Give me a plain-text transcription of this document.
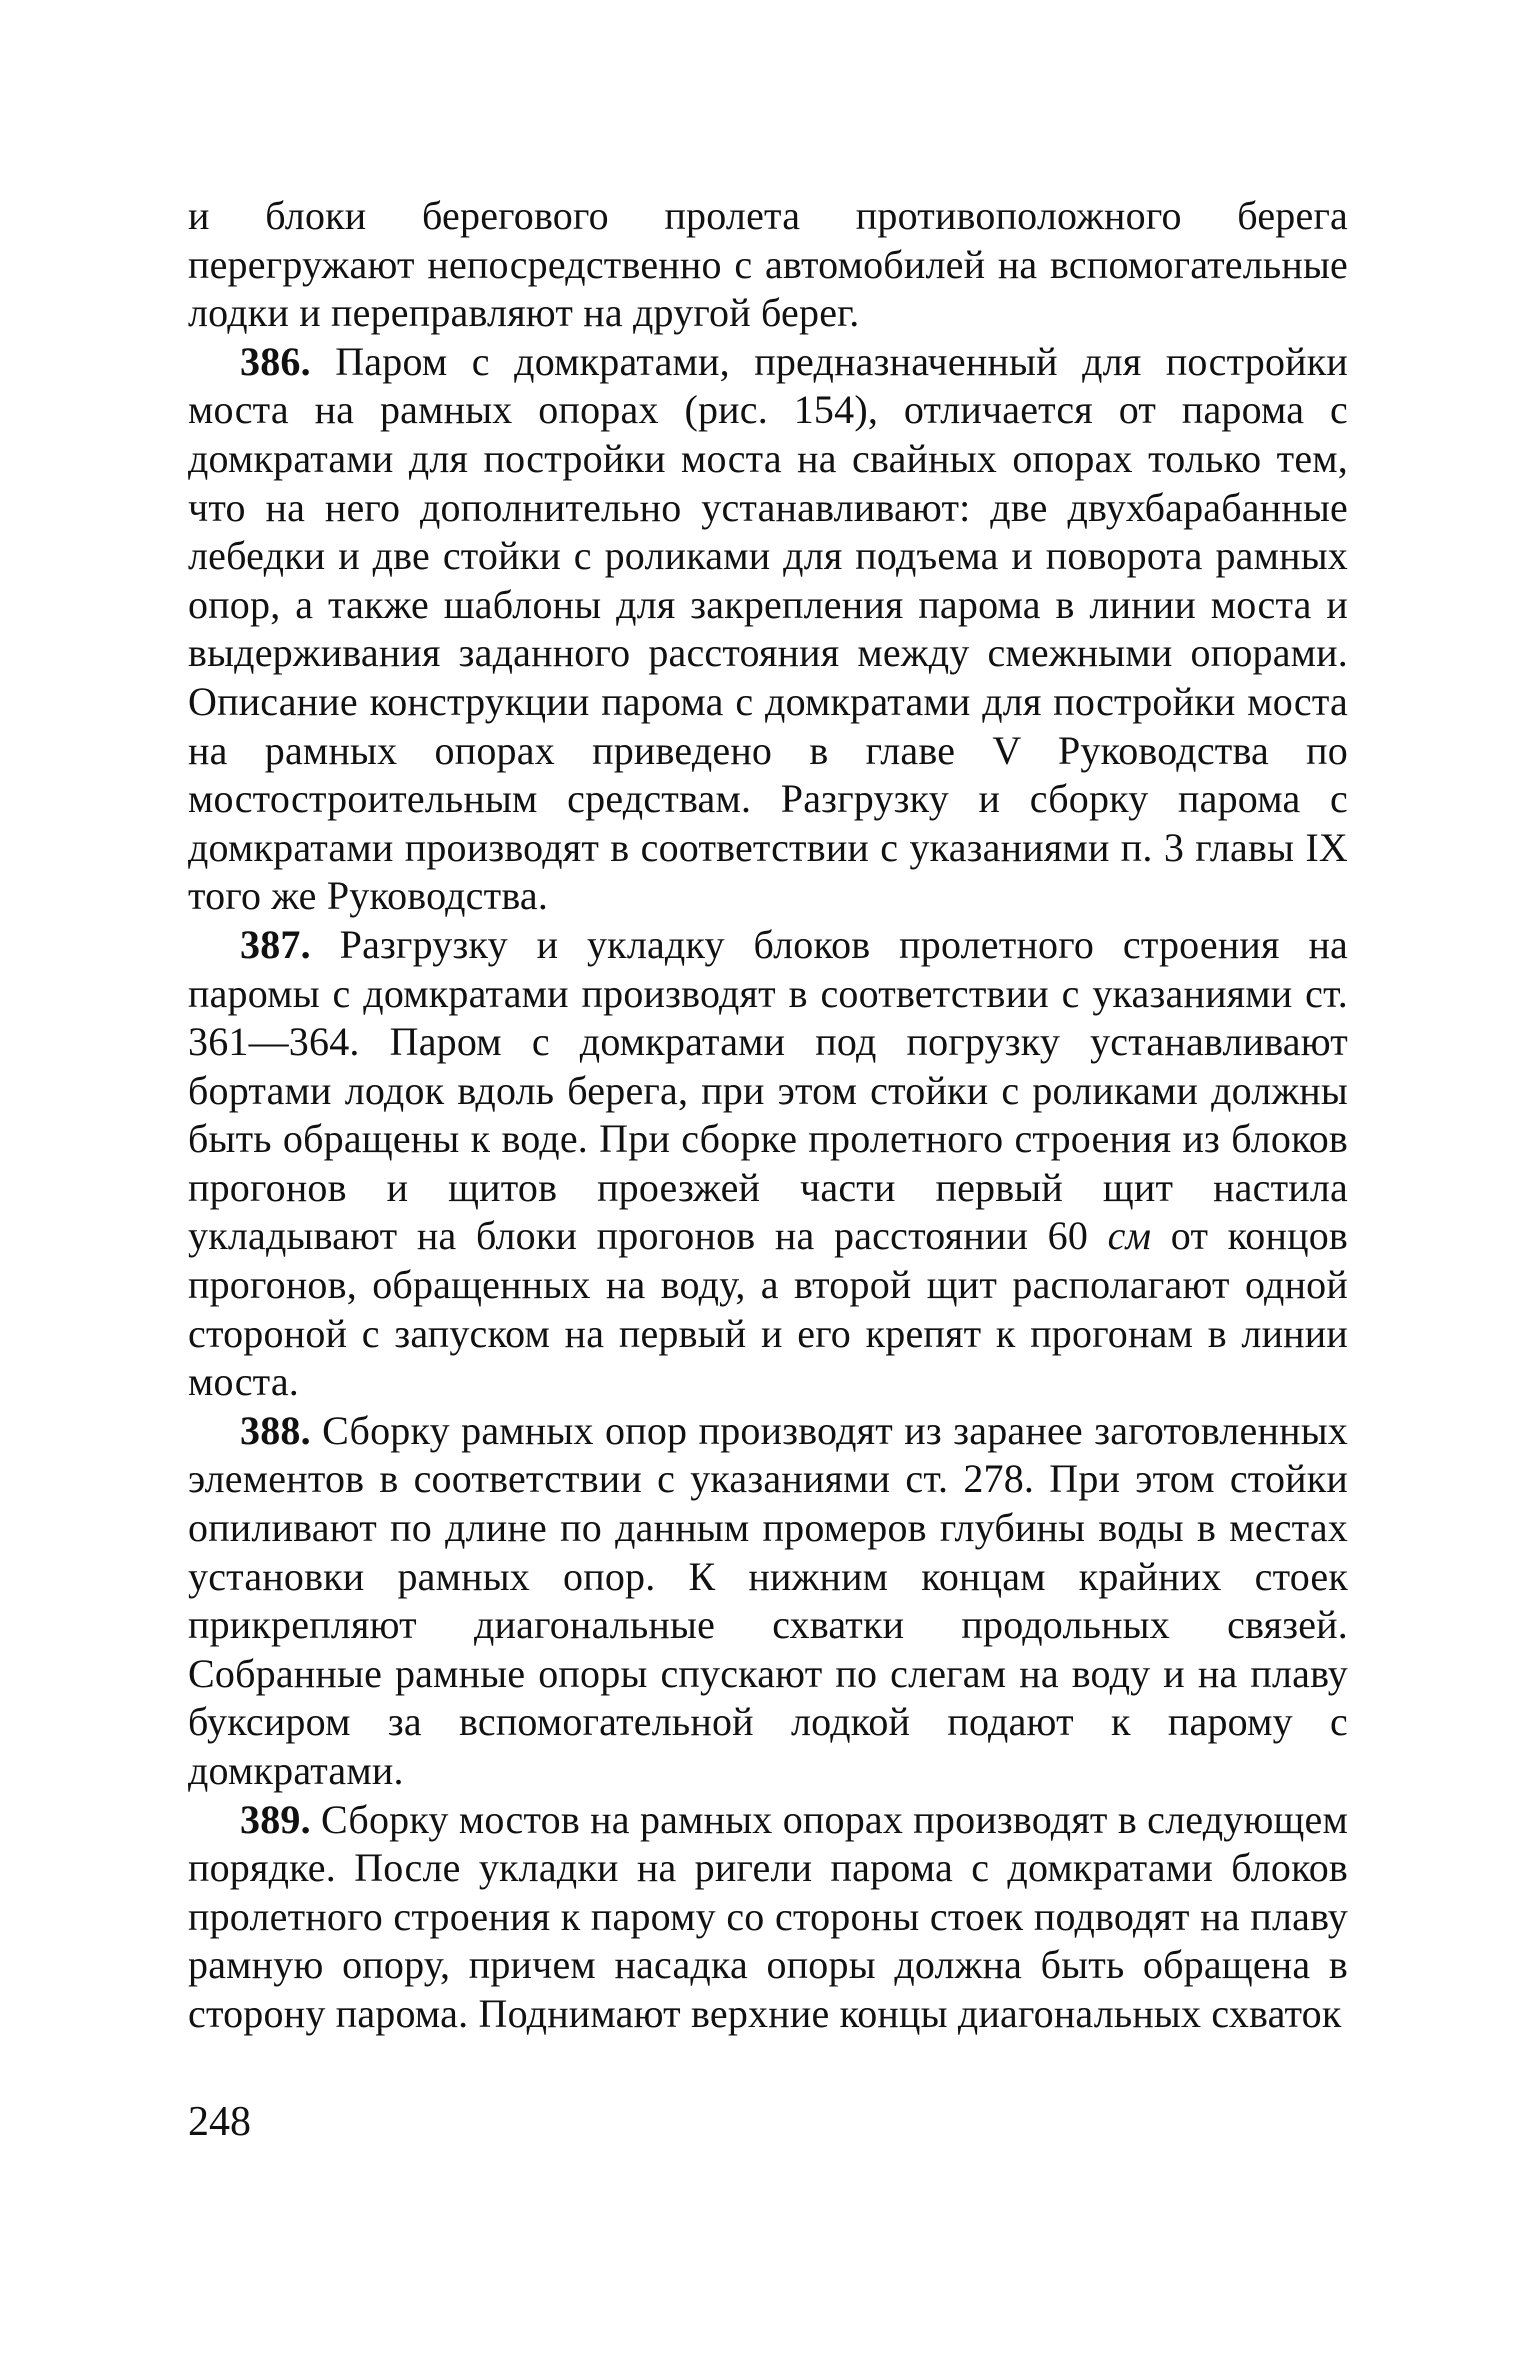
и блоки берегового пролета противоположного берега перегружают непосредственно с автомобилей на вспомогательные лодки и переправляют на другой берег.

386. Паром с домкратами, предназначенный для постройки моста на рамных опорах (рис. 154), отличается от парома с домкратами для постройки моста на свайных опорах только тем, что на него дополнительно устанавливают: две двухбарабанные лебедки и две стойки с роликами для подъема и поворота рамных опор, а также шаблоны для закрепления парома в линии моста и выдерживания заданного расстояния между смежными опорами. Описание конструкции парома с домкратами для постройки моста на рамных опорах приведено в главе V Руководства по мостостроительным средствам. Разгрузку и сборку парома с домкратами производят в соответствии с указаниями п. 3 главы IX того же Руководства.

387. Разгрузку и укладку блоков пролетного строения на паромы с домкратами производят в соответствии с указаниями ст. 361—364. Паром с домкратами под погрузку устанавливают бортами лодок вдоль берега, при этом стойки с роликами должны быть обращены к воде. При сборке пролетного строения из блоков прогонов и щитов проезжей части первый щит настила укладывают на блоки прогонов на расстоянии 60 см от концов прогонов, обращенных на воду, а второй щит располагают одной стороной с запуском на первый и его крепят к прогонам в линии моста.

388. Сборку рамных опор производят из заранее заготовленных элементов в соответствии с указаниями ст. 278. При этом стойки опиливают по длине по данным промеров глубины воды в местах установки рамных опор. К нижним концам крайних стоек прикрепляют диагональные схватки продольных связей. Собранные рамные опоры спускают по слегам на воду и на плаву буксиром за вспомогательной лодкой подают к парому с домкратами.

389. Сборку мостов на рамных опорах производят в следующем порядке. После укладки на ригели парома с домкратами блоков пролетного строения к парому со стороны стоек подводят на плаву рамную опору, причем насадка опоры должна быть обращена в сторону парома. Поднимают верхние концы диагональных схваток

248
